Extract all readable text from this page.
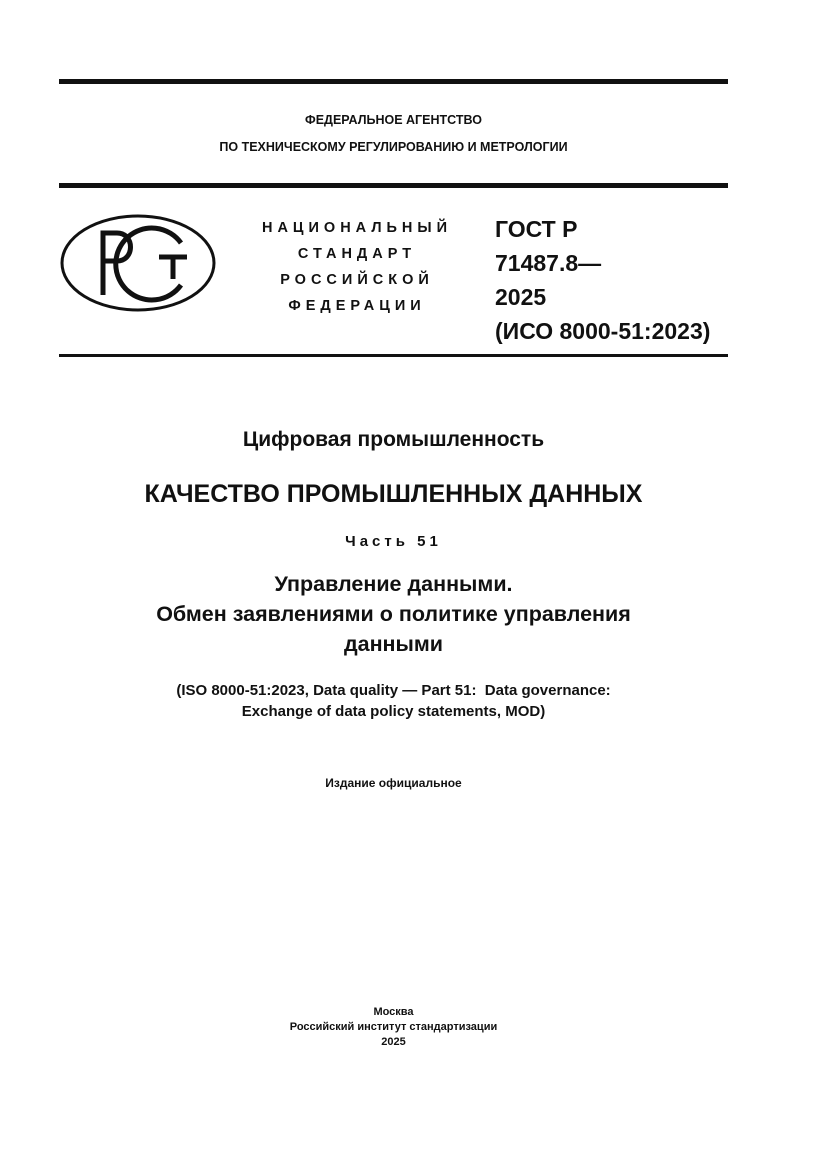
ФЕДЕРАЛЬНОЕ АГЕНТСТВО
ПО ТЕХНИЧЕСКОМУ РЕГУЛИРОВАНИЮ И МЕТРОЛОГИИ
НАЦИОНАЛЬНЫЙ
СТАНДАРТ
РОССИЙСКОЙ
ФЕДЕРАЦИИ
ГОСТ Р
71487.8—
2025
(ИСО 8000-51:2023)
Цифровая промышленность
КАЧЕСТВО ПРОМЫШЛЕННЫХ ДАННЫХ
Часть 51
Управление данными.
Обмен заявлениями о политике управления
данными
(ISO 8000-51:2023, Data quality — Part 51:  Data governance:
Exchange of data policy statements, MOD)
Издание официальное
Москва
Российский институт стандартизации
2025
